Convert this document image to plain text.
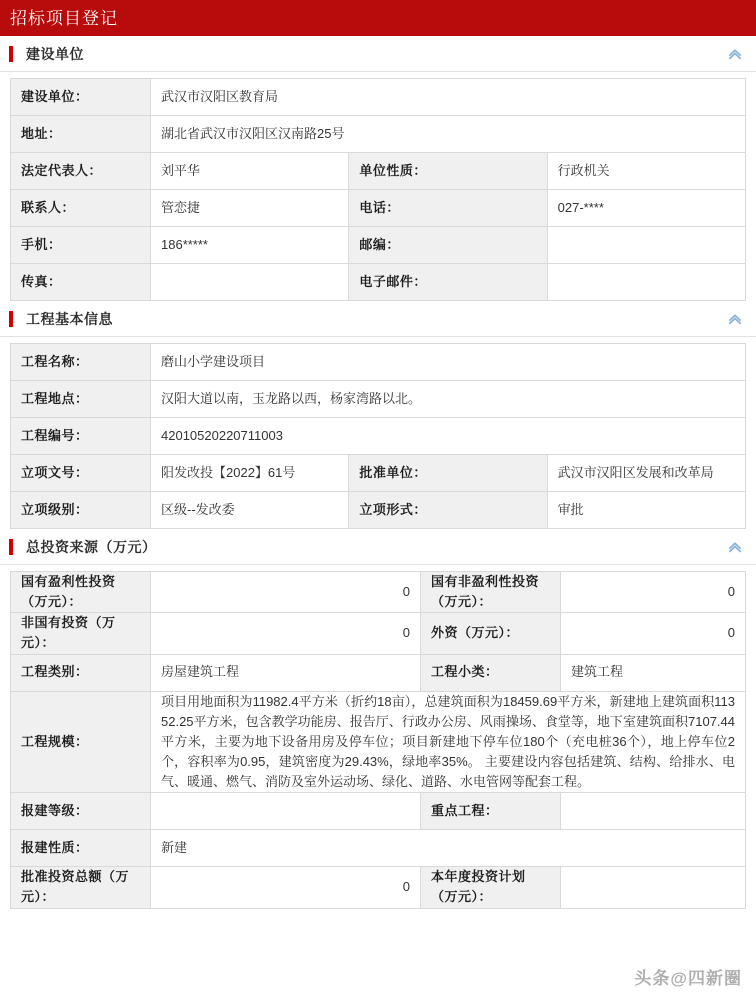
招标项目登记
建设单位
建设单位：	武汉市汉阳区教育局		
地址：	湖北省武汉市汉阳区汉南路25号		
法定代表人：	刘平华	单位性质：	行政机关
联系人：	管恋捷	电话：	027-****
手机：	186*****	邮编：	
传真：		电子邮件：	
工程基本信息
工程名称：	磨山小学建设项目		
工程地点：	汉阳大道以南，玉龙路以西，杨家湾路以北。		
工程编号：	42010520220711003		
立项文号：	阳发改投【2022】61号	批准单位：	武汉市汉阳区发展和改革局
立项级别：	区级--发改委	立项形式：	审批
总投资来源（万元）
国有盈利性投资（万元）：	0	国有非盈利性投资（万元）：	0
非国有投资（万元）：	0	外资（万元）：	0
工程类别：	房屋建筑工程	工程小类：	建筑工程
工程规模：	项目用地面积为11982.4平方米（折约18亩），总建筑面积为18459.69平方米，新建地上建筑面积11352.25平方米，包含教学功能房、报告厅、行政办公房、风雨操场、食堂等，地下室建筑面积7107.44平方米，主要为地下设备用房及停车位；项目新建地下停车位180个（充电桩36个），地上停车位2个，容积率为0.95，建筑密度为29.43%，绿地率35%。 主要建设内容包括建筑、结构、给排水、电气、暖通、燃气、消防及室外运动场、绿化、道路、水电管网等配套工程。		
报建等级：		重点工程：	
报建性质：	新建		
批准投资总额（万元）：	0	本年度投资计划（万元）：	
头条@四新圈
